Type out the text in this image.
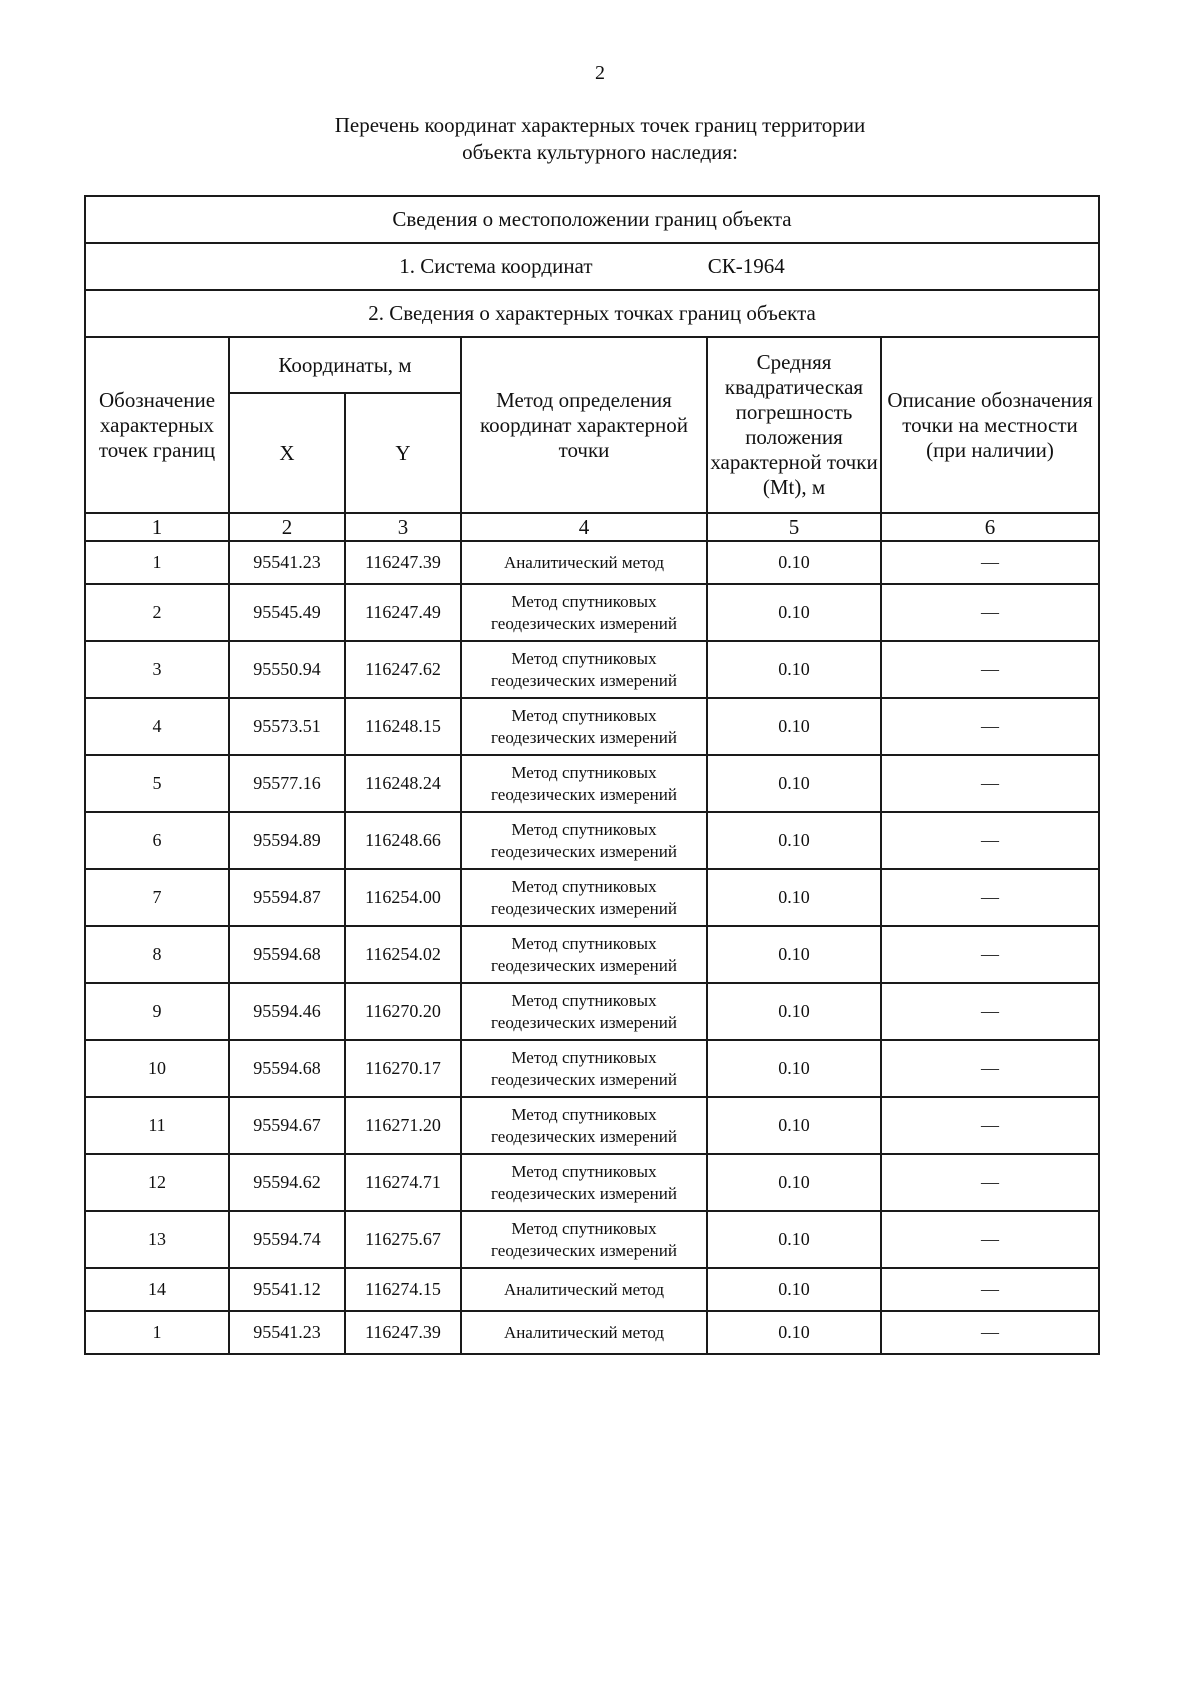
2
Перечень координат характерных точек границ территории
объекта культурного наследия:
Сведения о местоположении границ объекта					
1. Система координат СК-1964					
2. Сведения о характерных точках границ объекта					
Обозначение характерных точек границ	Координаты, м		Метод определения координат характерной точки	Средняя квадратическая погрешность положения характерной точки (Mt), м	Описание обозначения точки на местности (при наличии)
	X	Y			
1	2	3	4	5	6
1	95541.23	116247.39	Аналитический метод	0.10	—
2	95545.49	116247.49	Метод спутниковых геодезических измерений	0.10	—
3	95550.94	116247.62	Метод спутниковых геодезических измерений	0.10	—
4	95573.51	116248.15	Метод спутниковых геодезических измерений	0.10	—
5	95577.16	116248.24	Метод спутниковых геодезических измерений	0.10	—
6	95594.89	116248.66	Метод спутниковых геодезических измерений	0.10	—
7	95594.87	116254.00	Метод спутниковых геодезических измерений	0.10	—
8	95594.68	116254.02	Метод спутниковых геодезических измерений	0.10	—
9	95594.46	116270.20	Метод спутниковых геодезических измерений	0.10	—
10	95594.68	116270.17	Метод спутниковых геодезических измерений	0.10	—
11	95594.67	116271.20	Метод спутниковых геодезических измерений	0.10	—
12	95594.62	116274.71	Метод спутниковых геодезических измерений	0.10	—
13	95594.74	116275.67	Метод спутниковых геодезических измерений	0.10	—
14	95541.12	116274.15	Аналитический метод	0.10	—
1	95541.23	116247.39	Аналитический метод	0.10	—
